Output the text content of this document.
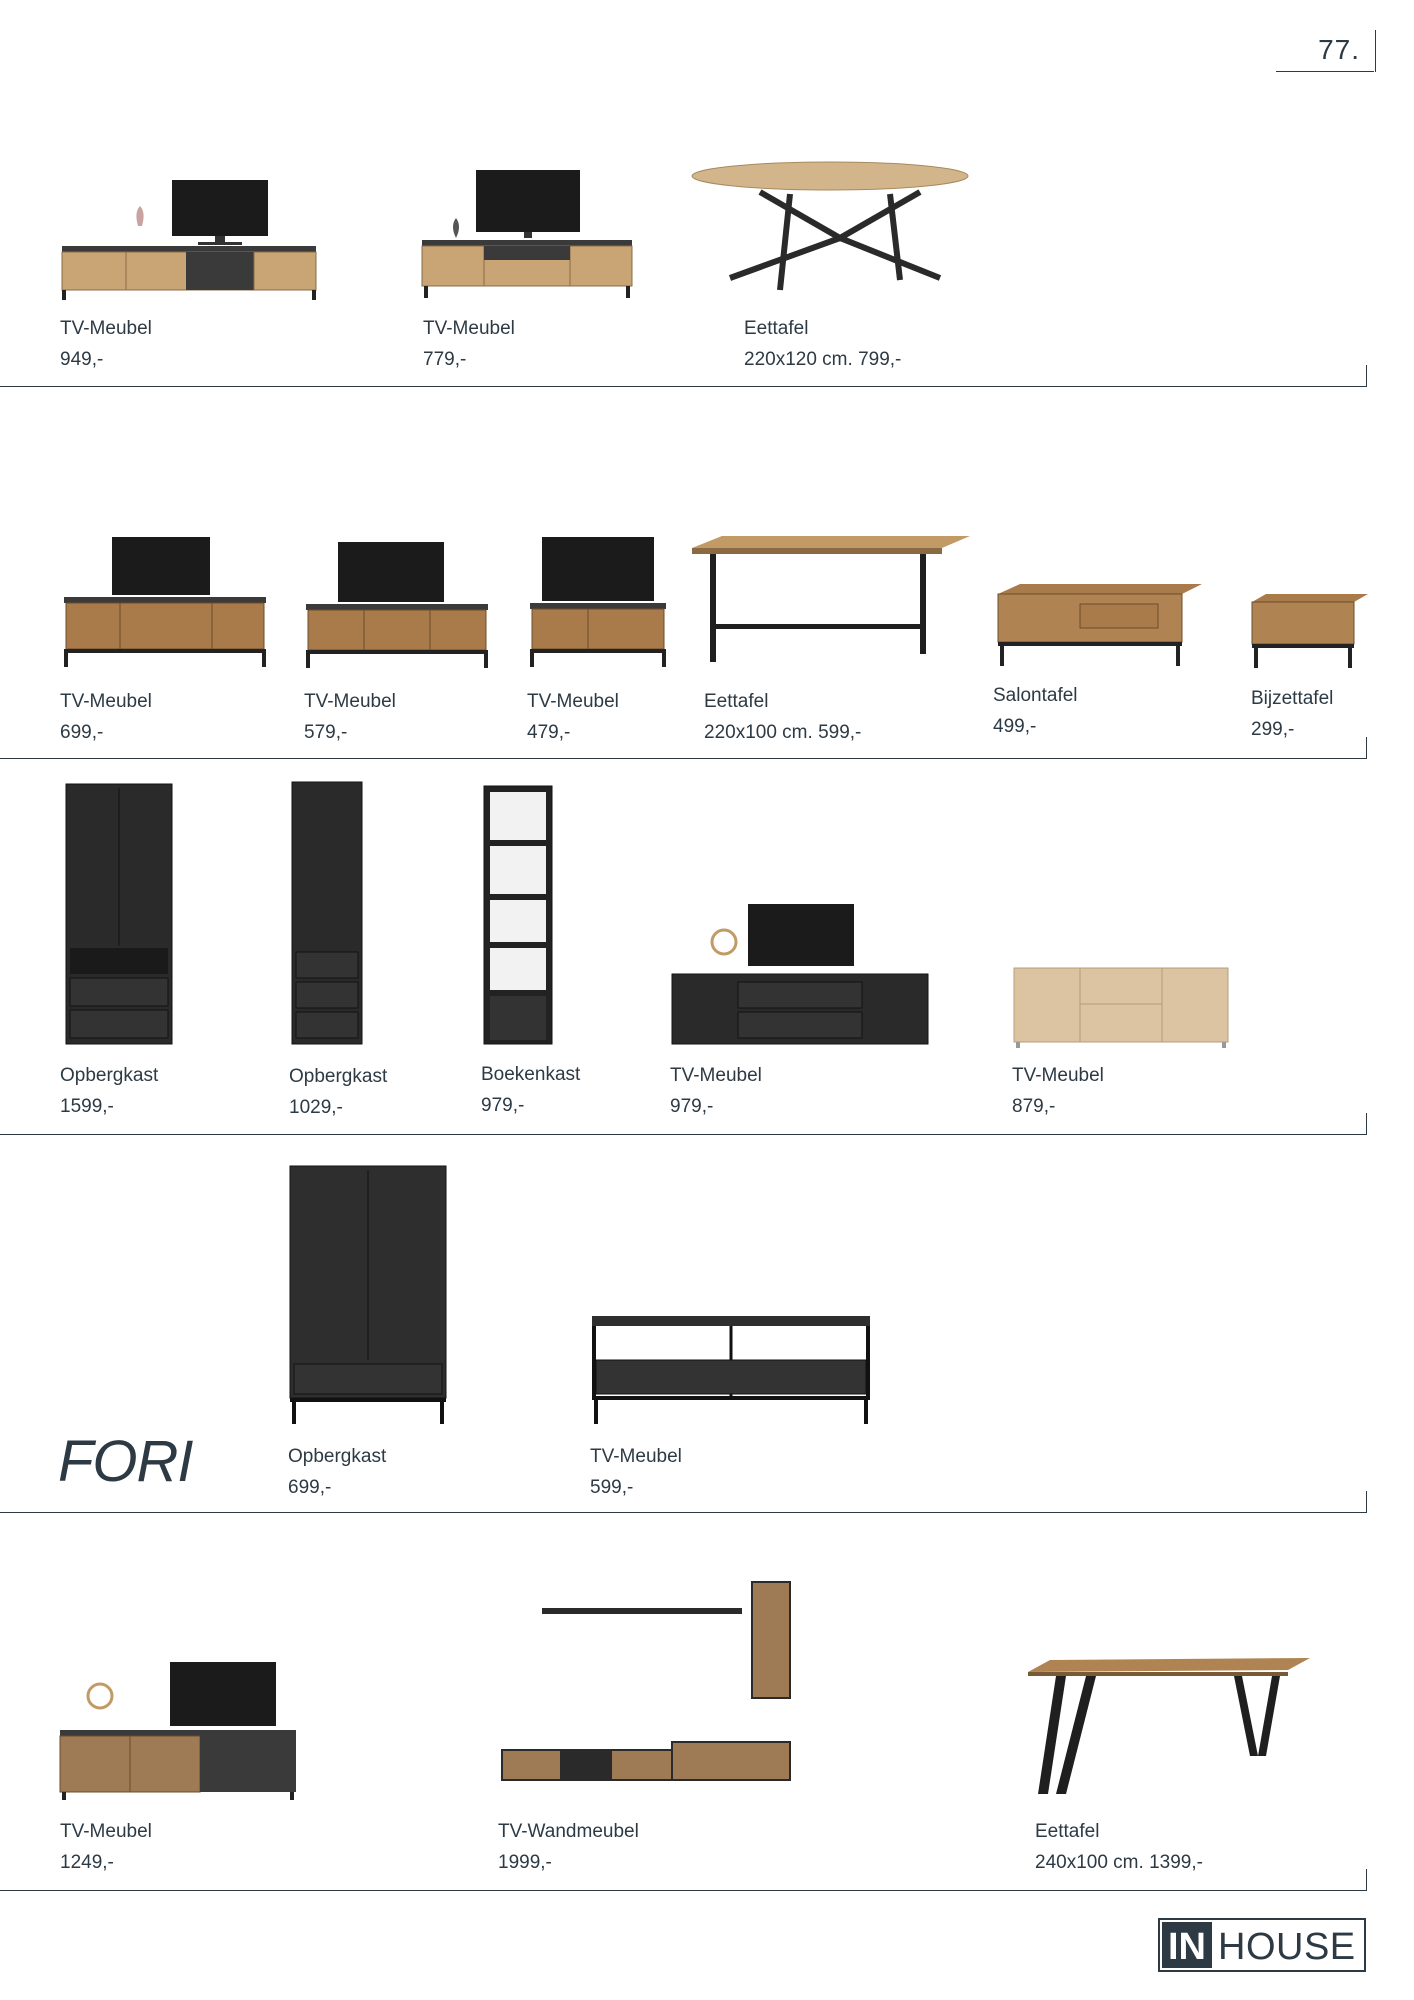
77.
TV-Meubel
949,-
TV-Meubel
779,-
Eettafel
220x120 cm. 799,-
TV-Meubel
699,-
TV-Meubel
579,-
TV-Meubel
479,-
Eettafel
220x100 cm. 599,-
Salontafel
499,-
Bijzettafel
299,-
Opbergkast
1599,-
Opbergkast
1029,-
Boekenkast
979,-
TV-Meubel
979,-
TV-Meubel
879,-
FORI	Opbergkast
699,-
TV-Meubel
599,-
TV-Meubel
1249,-
TV-Wandmeubel
1999,-
Eettafel
240x100 cm. 1399,-
IN HOUSE
